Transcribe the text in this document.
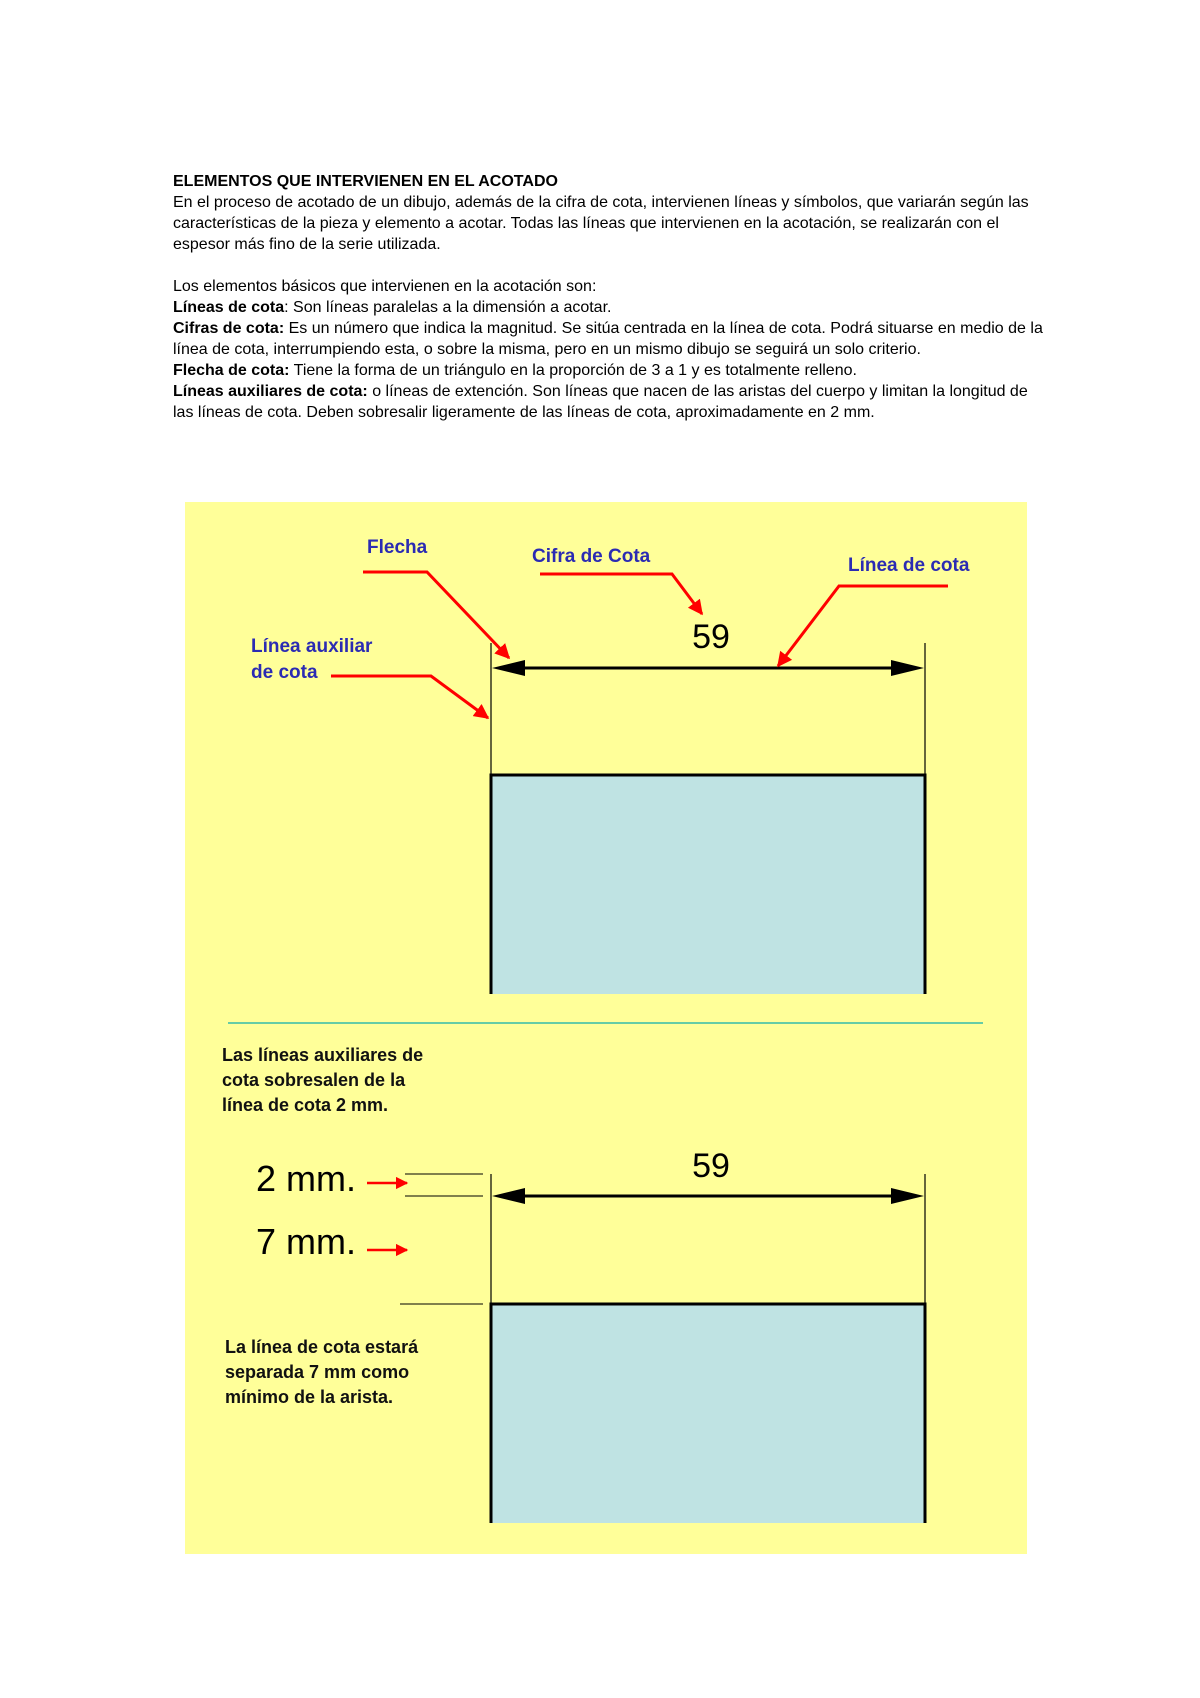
ELEMENTOS QUE INTERVIENEN EN EL ACOTADO

En el proceso de acotado de un dibujo, además de la cifra de cota, intervienen líneas y símbolos, que variarán según las características de la pieza y elemento a acotar. Todas las líneas que intervienen en la acotación, se realizarán con el espesor más fino de la serie utilizada.

Los elementos básicos que intervienen en la acotación son:

Líneas de cota: Son líneas paralelas a la dimensión a acotar.

Cifras de cota: Es un número que indica la magnitud. Se sitúa centrada en la línea de cota. Podrá situarse en medio de la línea de cota, interrumpiendo esta, o sobre la misma, pero en un mismo dibujo se seguirá un solo criterio.

Flecha de cota: Tiene la forma de un triángulo en la proporción de 3 a 1 y es totalmente relleno.

Líneas auxiliares de cota: o líneas de extención. Son líneas que nacen de las aristas del cuerpo y limitan la longitud de las líneas de cota. Deben sobresalir ligeramente de las líneas de cota, aproximadamente en 2 mm.

59
Flecha	Cifra de Cota	Línea de cota
Línea auxiliar
de cota
Las líneas auxiliares de
cota sobresalen de la
línea de cota 2 mm.
2 mm.
7 mm.
59
La línea de cota estará
separada 7 mm como
mínimo de la arista.
